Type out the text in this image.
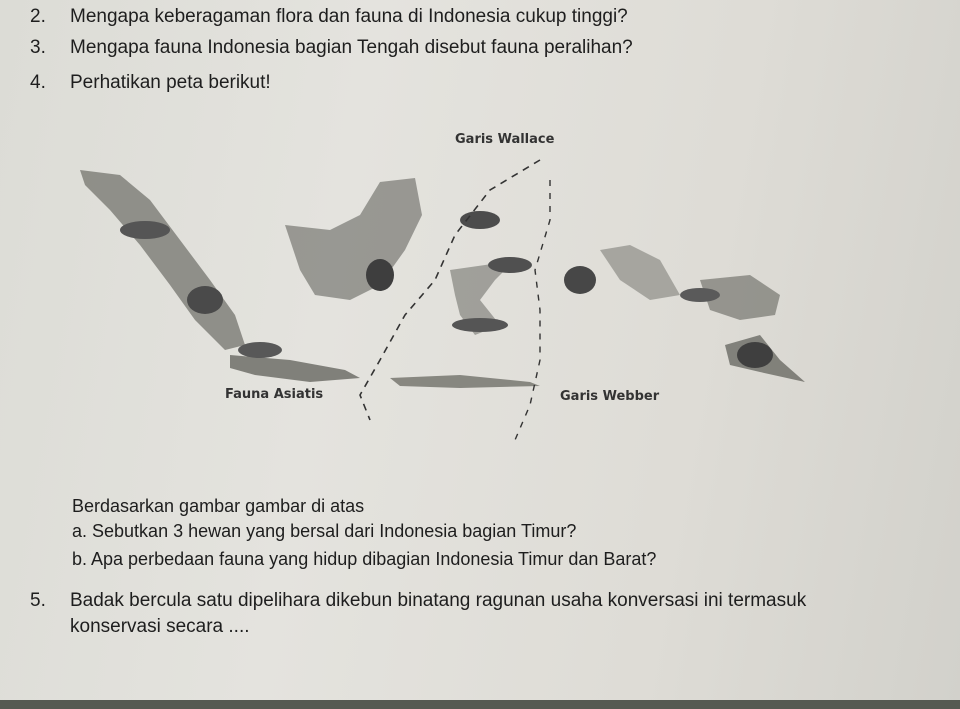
2. Mengapa keberagaman flora dan fauna di Indonesia cukup tinggi?
3. Mengapa fauna Indonesia bagian Tengah disebut fauna peralihan?
4. Perhatikan peta berikut!
Garis Wallace
Fauna Asiatis	Garis Webber
Berdasarkan gambar gambar di atas
a. Sebutkan 3 hewan yang bersal dari Indonesia bagian Timur?
b. Apa perbedaan fauna yang hidup dibagian Indonesia Timur dan Barat?
5. Badak bercula satu dipelihara dikebun binatang ragunan usaha konversasi ini termasuk
konservasi secara ....
